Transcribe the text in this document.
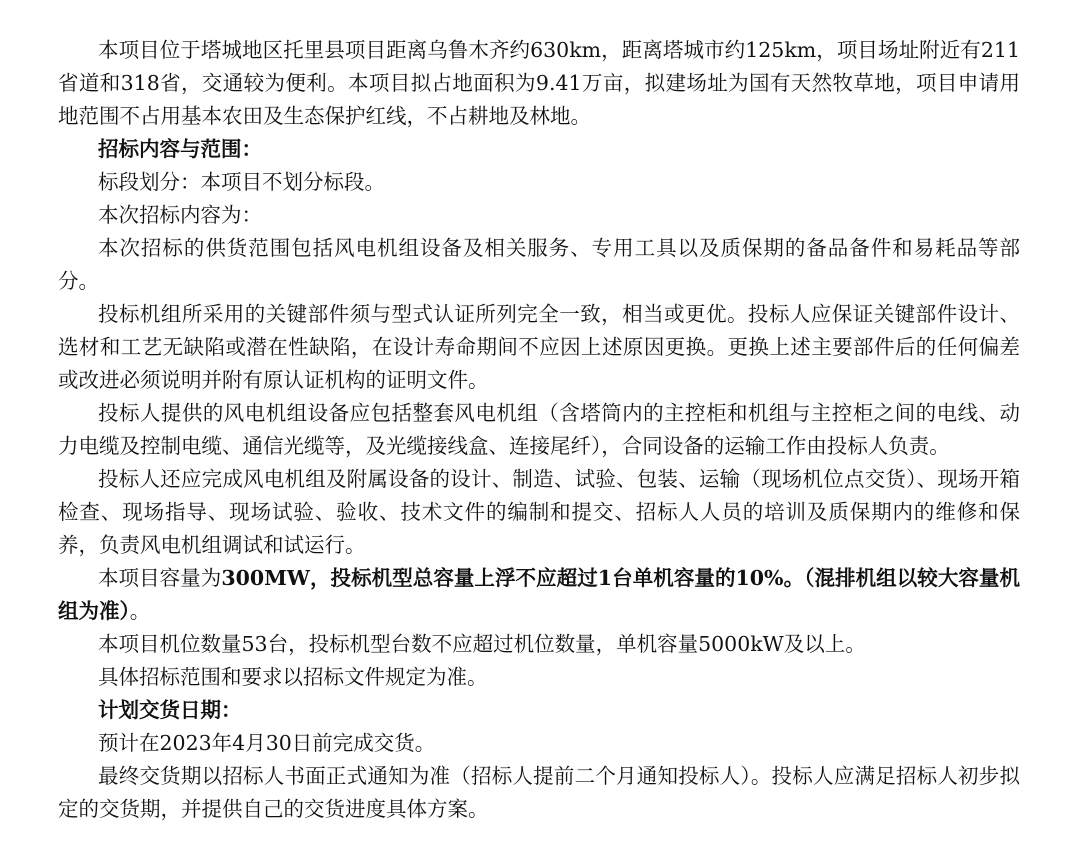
本项目位于塔城地区托里县项目距离乌鲁木齐约630km，距离塔城市约125km，项目场址附近有211省道和318省，交通较为便利。本项目拟占地面积为9.41万亩，拟建场址为国有天然牧草地，项目申请用地范围不占用基本农田及生态保护红线，不占耕地及林地。

招标内容与范围：

标段划分：本项目不划分标段。

本次招标内容为：

本次招标的供货范围包括风电机组设备及相关服务、专用工具以及质保期的备品备件和易耗品等部分。

投标机组所采用的关键部件须与型式认证所列完全一致，相当或更优。投标人应保证关键部件设计、选材和工艺无缺陷或潜在性缺陷，在设计寿命期间不应因上述原因更换。更换上述主要部件后的任何偏差或改进必须说明并附有原认证机构的证明文件。

投标人提供的风电机组设备应包括整套风电机组（含塔筒内的主控柜和机组与主控柜之间的电线、动力电缆及控制电缆、通信光缆等，及光缆接线盒、连接尾纤），合同设备的运输工作由投标人负责。

投标人还应完成风电机组及附属设备的设计、制造、试验、包装、运输（现场机位点交货）、现场开箱检查、现场指导、现场试验、验收、技术文件的编制和提交、招标人人员的培训及质保期内的维修和保养，负责风电机组调试和试运行。

本项目容量为300MW，投标机型总容量上浮不应超过1台单机容量的10%。（混排机组以较大容量机组为准）。

本项目机位数量53台，投标机型台数不应超过机位数量，单机容量5000kW及以上。

具体招标范围和要求以招标文件规定为准。

计划交货日期：

预计在2023年4月30日前完成交货。

最终交货期以招标人书面正式通知为准（招标人提前二个月通知投标人）。投标人应满足招标人初步拟定的交货期，并提供自己的交货进度具体方案。
